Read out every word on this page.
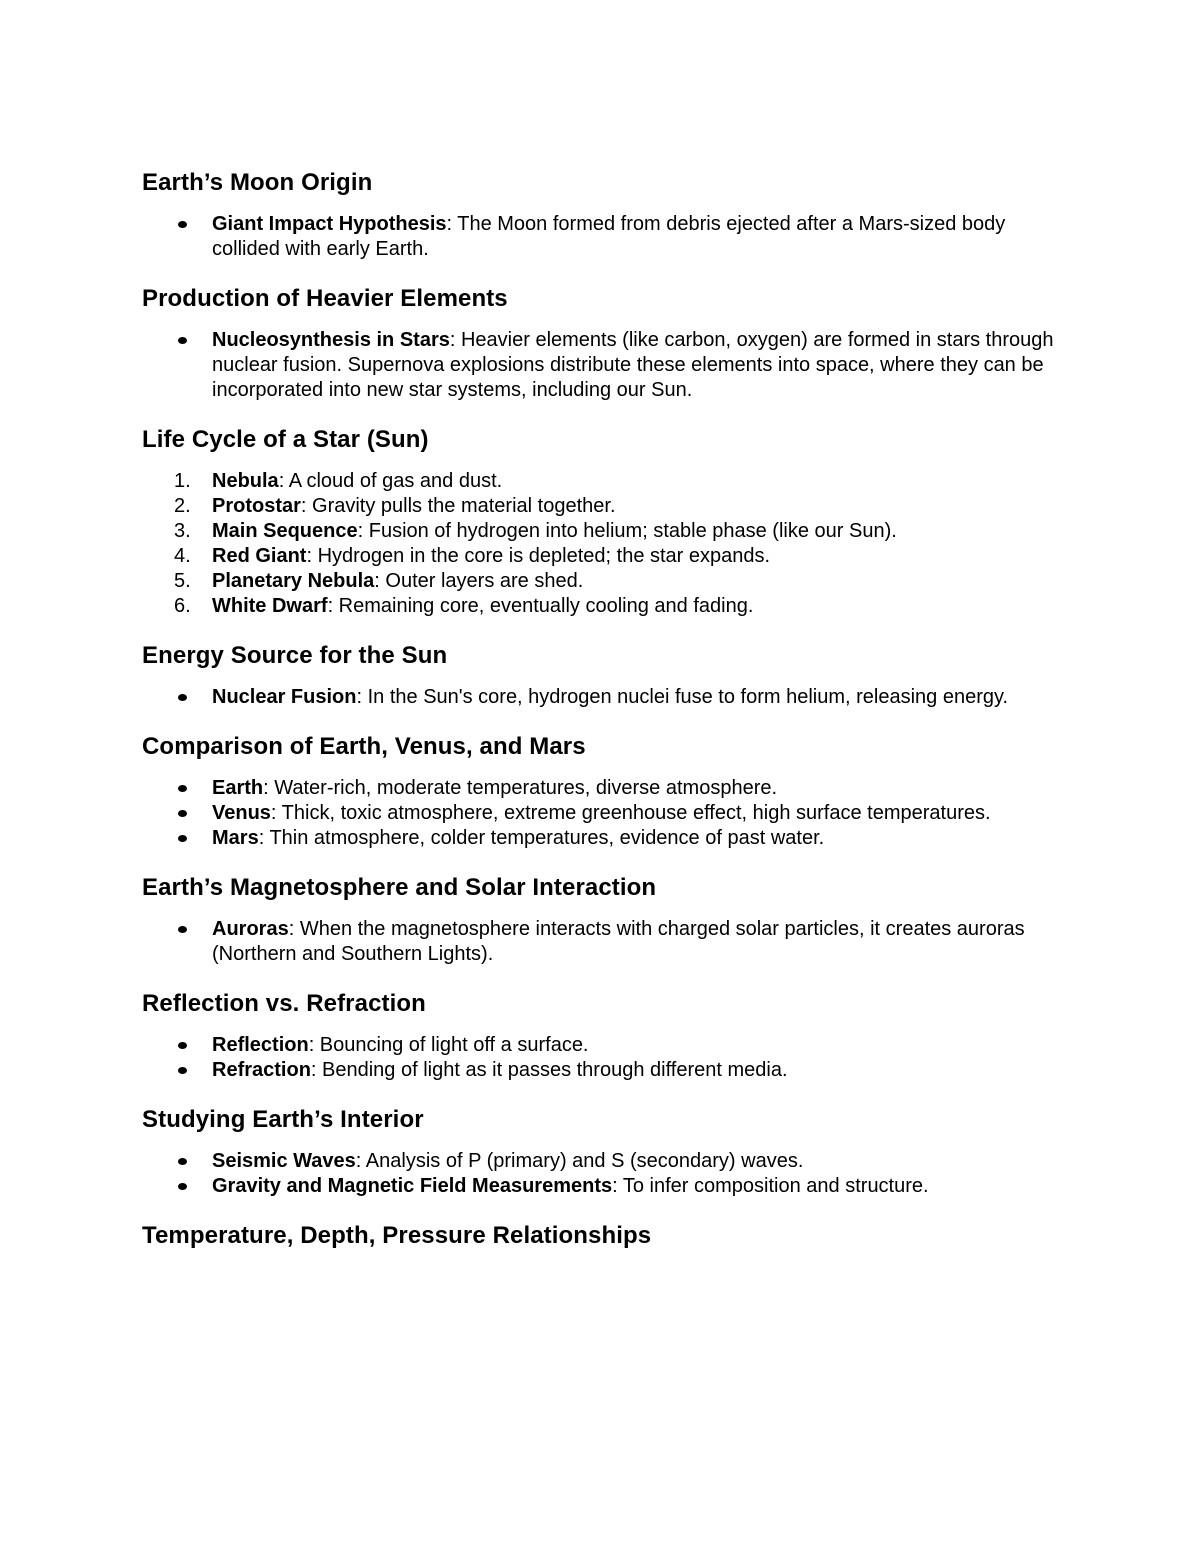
Earth’s Moon Origin
Giant Impact Hypothesis: The Moon formed from debris ejected after a Mars-sized body collided with early Earth.
Production of Heavier Elements
Nucleosynthesis in Stars: Heavier elements (like carbon, oxygen) are formed in stars through nuclear fusion. Supernova explosions distribute these elements into space, where they can be incorporated into new star systems, including our Sun.
Life Cycle of a Star (Sun)
1.	Nebula: A cloud of gas and dust.
2.	Protostar: Gravity pulls the material together.
3.	Main Sequence: Fusion of hydrogen into helium; stable phase (like our Sun).
4.	Red Giant: Hydrogen in the core is depleted; the star expands.
5.	Planetary Nebula: Outer layers are shed.
6.	White Dwarf: Remaining core, eventually cooling and fading.
Energy Source for the Sun
Nuclear Fusion: In the Sun's core, hydrogen nuclei fuse to form helium, releasing energy.
Comparison of Earth, Venus, and Mars
Earth: Water-rich, moderate temperatures, diverse atmosphere.
Venus: Thick, toxic atmosphere, extreme greenhouse effect, high surface temperatures.
Mars: Thin atmosphere, colder temperatures, evidence of past water.
Earth’s Magnetosphere and Solar Interaction
Auroras: When the magnetosphere interacts with charged solar particles, it creates auroras (Northern and Southern Lights).
Reflection vs. Refraction
Reflection: Bouncing of light off a surface.
Refraction: Bending of light as it passes through different media.
Studying Earth’s Interior
Seismic Waves: Analysis of P (primary) and S (secondary) waves.
Gravity and Magnetic Field Measurements: To infer composition and structure.
Temperature, Depth, Pressure Relationships
